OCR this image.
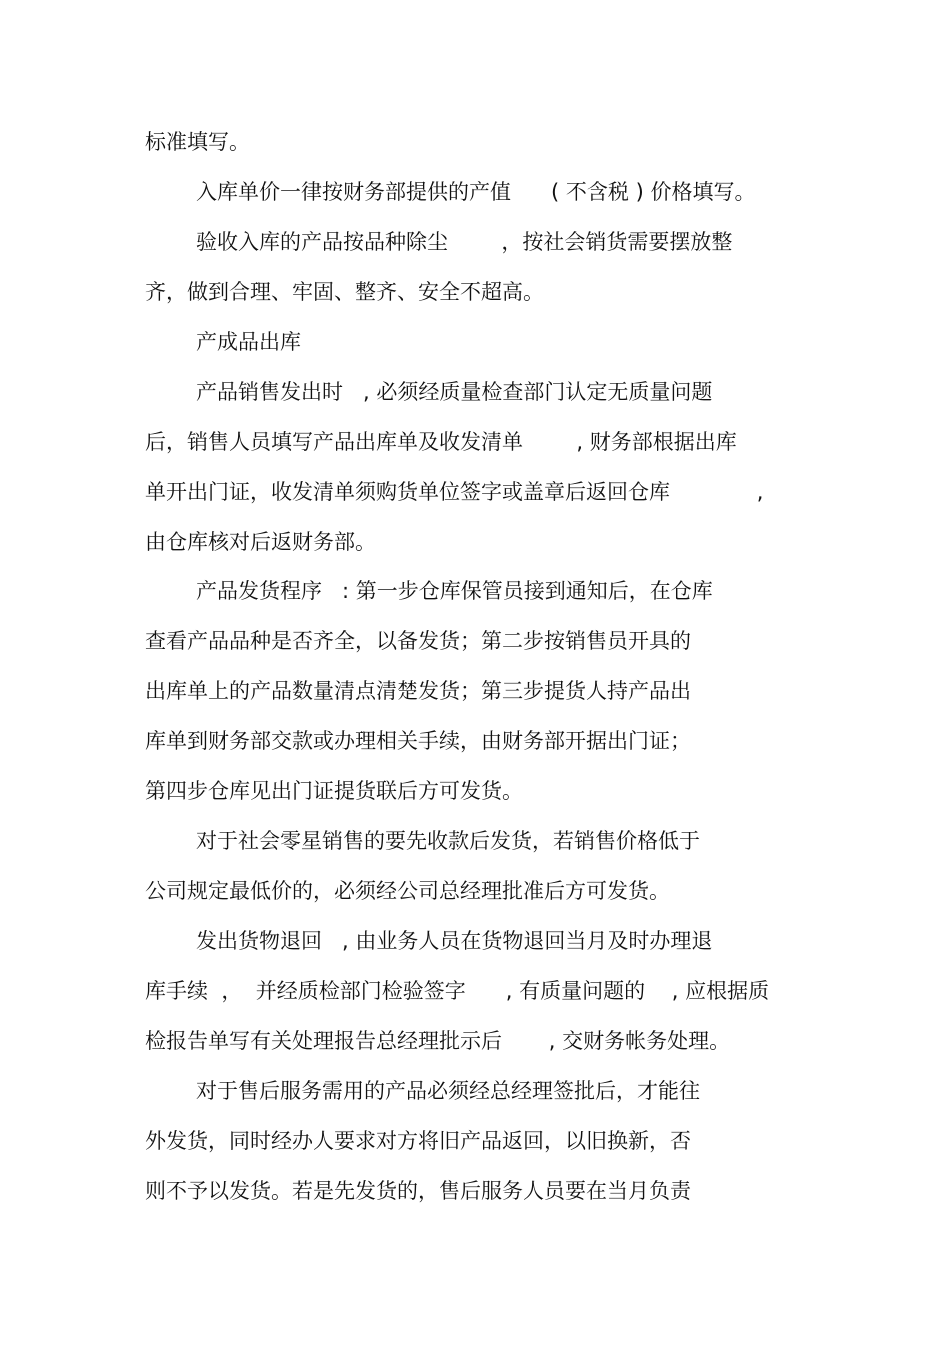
标准填写。
入库单价一律按财务部提供的产值      ( 不含税 ) 价格填写。
验收入库的产品按品种除尘        ，按社会销货需要摆放整
齐，做到合理、牢固、整齐、安全不超高。
产成品出库
产品销售发出时   , 必须经质量检查部门认定无质量问题
后，销售人员填写产品出库单及收发清单        , 财务部根据出库
单开出门证，收发清单须购货单位签字或盖章后返回仓库             ,
由仓库核对后返财务部。
产品发货程序   : 第一步仓库保管员接到通知后，在仓库
查看产品品种是否齐全，以备发货；第二步按销售员开具的
出库单上的产品数量清点清楚发货；第三步提货人持产品出
库单到财务部交款或办理相关手续，由财务部开据出门证；
第四步仓库见出门证提货联后方可发货。
对于社会零星销售的要先收款后发货，若销售价格低于
公司规定最低价的，必须经公司总经理批准后方可发货。
发出货物退回   , 由业务人员在货物退回当月及时办理退
库手续  ，  并经质检部门检验签字      , 有质量问题的    , 应根据质
检报告单写有关处理报告总经理批示后       , 交财务帐务处理。
对于售后服务需用的产品必须经总经理签批后，才能往
外发货，同时经办人要求对方将旧产品返回，以旧换新，否
则不予以发货。若是先发货的，售后服务人员要在当月负责
